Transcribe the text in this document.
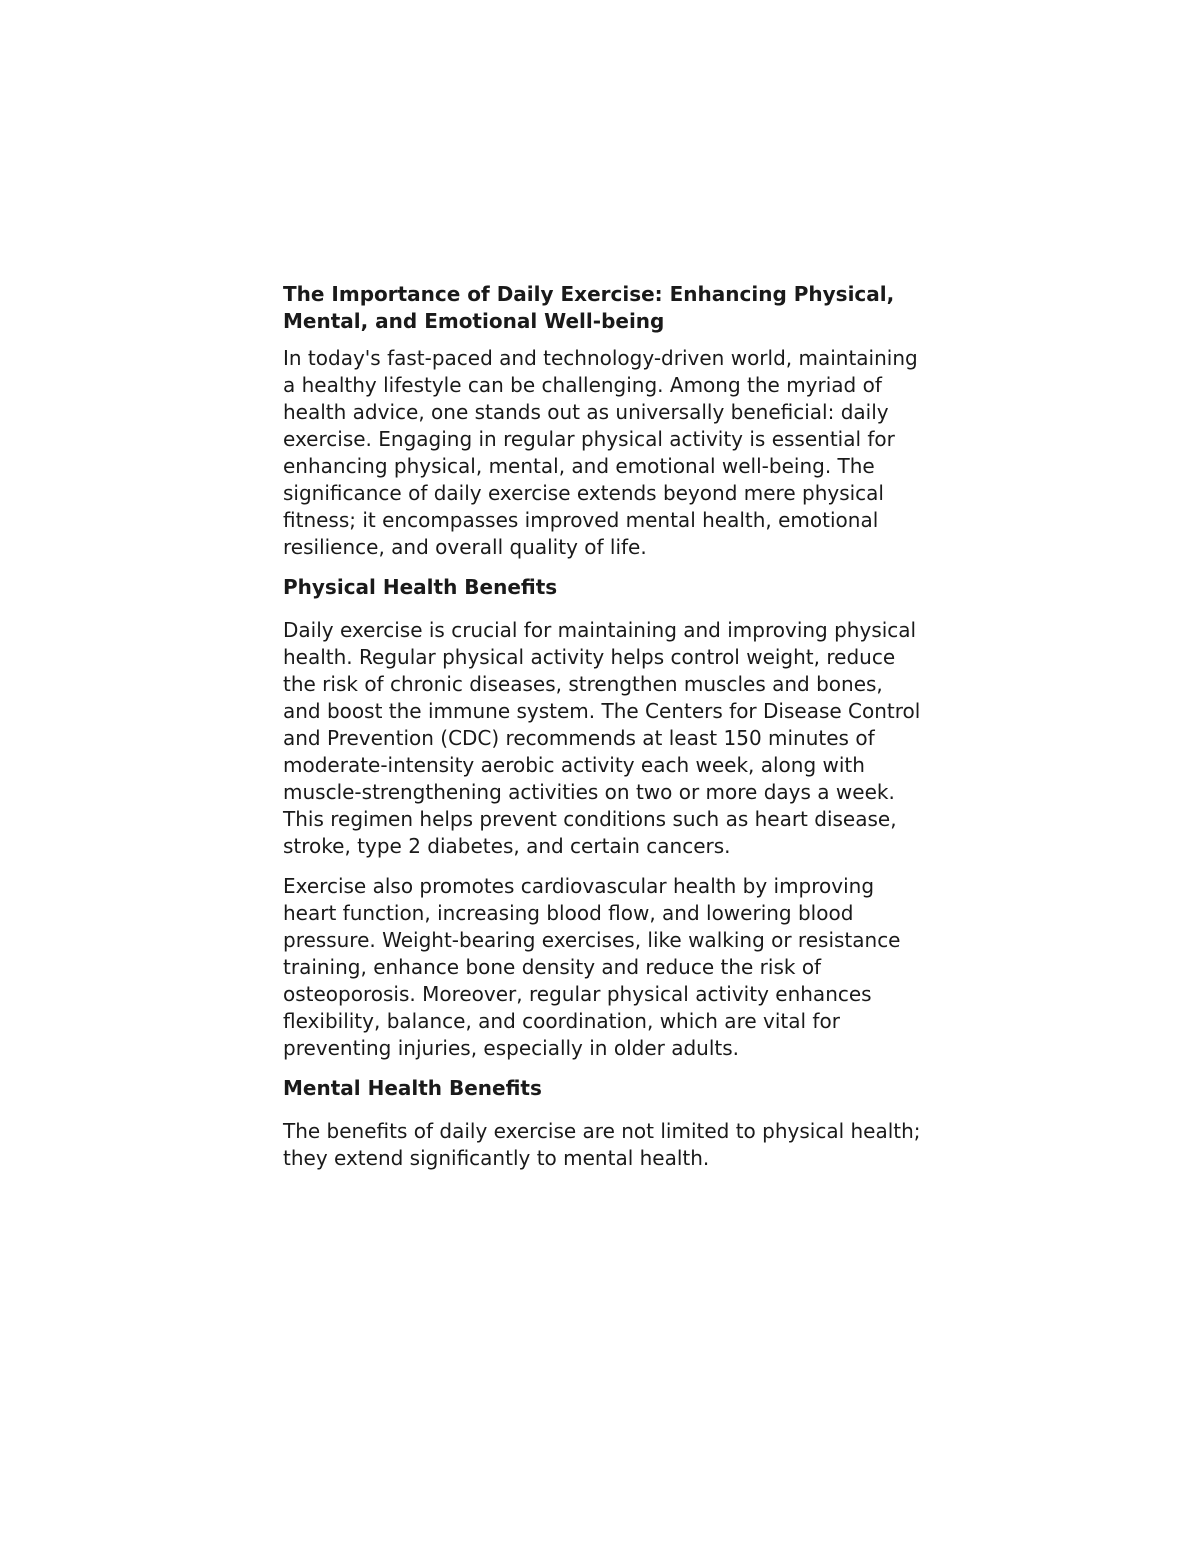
The Importance of Daily Exercise: Enhancing Physical, Mental, and Emotional Well-being

In today's fast-paced and technology-driven world, maintaining a healthy lifestyle can be challenging. Among the myriad of health advice, one stands out as universally beneficial: daily exercise. Engaging in regular physical activity is essential for enhancing physical, mental, and emotional well-being. The significance of daily exercise extends beyond mere physical fitness; it encompasses improved mental health, emotional resilience, and overall quality of life.

Physical Health Benefits

Daily exercise is crucial for maintaining and improving physical health. Regular physical activity helps control weight, reduce the risk of chronic diseases, strengthen muscles and bones, and boost the immune system. The Centers for Disease Control and Prevention (CDC) recommends at least 150 minutes of moderate-intensity aerobic activity each week, along with muscle-strengthening activities on two or more days a week. This regimen helps prevent conditions such as heart disease, stroke, type 2 diabetes, and certain cancers.

Exercise also promotes cardiovascular health by improving heart function, increasing blood flow, and lowering blood pressure. Weight-bearing exercises, like walking or resistance training, enhance bone density and reduce the risk of osteoporosis. Moreover, regular physical activity enhances flexibility, balance, and coordination, which are vital for preventing injuries, especially in older adults.

Mental Health Benefits

The benefits of daily exercise are not limited to physical health; they extend significantly to mental health.
